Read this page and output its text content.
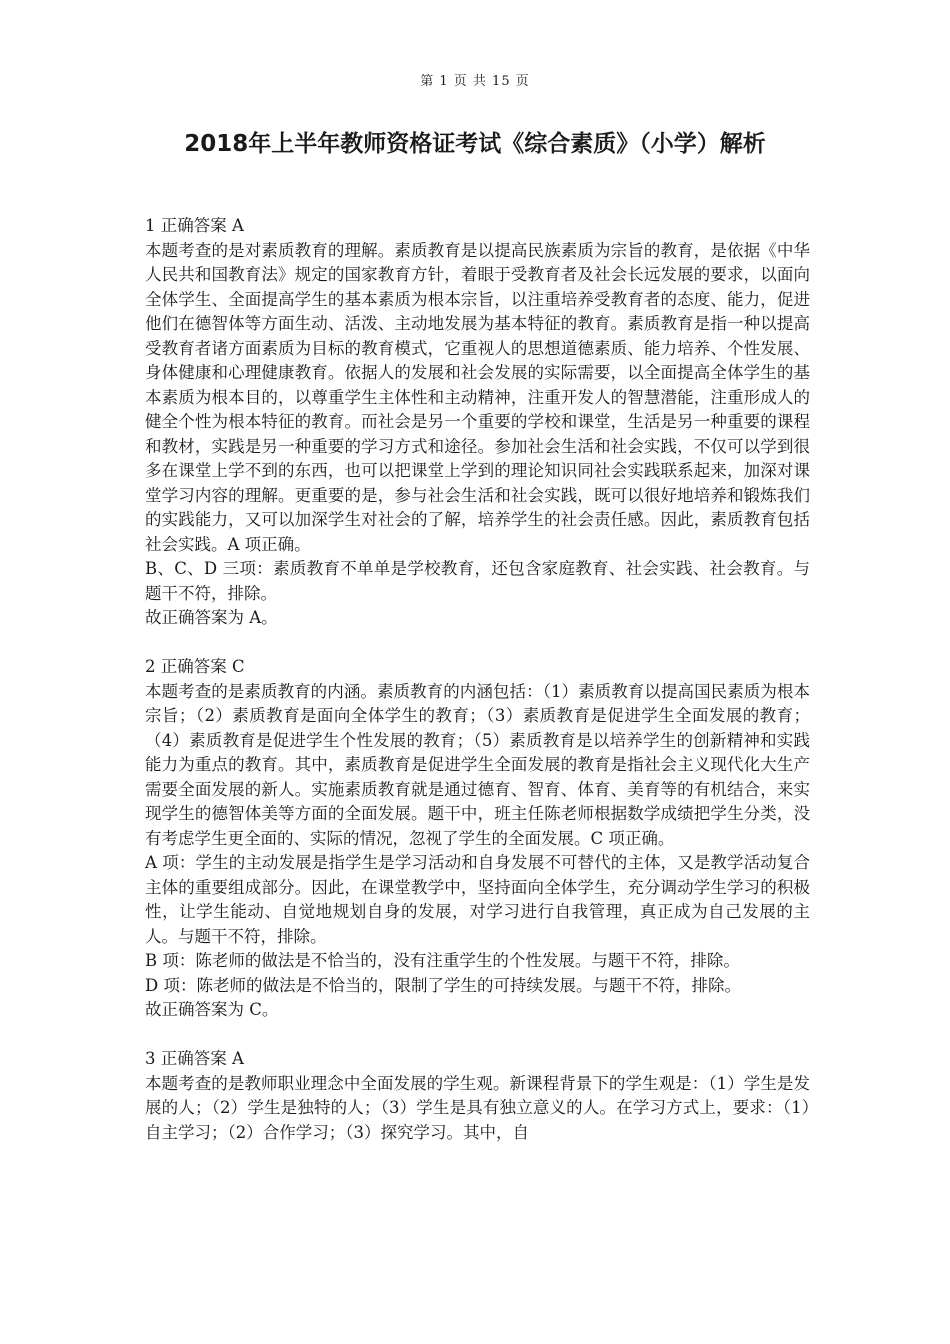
第 1 页 共 15 页
2018年上半年教师资格证考试《综合素质》（小学）解析

1 正确答案 A

本题考查的是对素质教育的理解。素质教育是以提高民族素质为宗旨的教育，是依据《中华人民共和国教育法》规定的国家教育方针，着眼于受教育者及社会长远发展的要求，以面向全体学生、全面提高学生的基本素质为根本宗旨，以注重培养受教育者的态度、能力，促进他们在德智体等方面生动、活泼、主动地发展为基本特征的教育。素质教育是指一种以提高受教育者诸方面素质为目标的教育模式，它重视人的思想道德素质、能力培养、个性发展、身体健康和心理健康教育。依据人的发展和社会发展的实际需要，以全面提高全体学生的基本素质为根本目的，以尊重学生主体性和主动精神，注重开发人的智慧潜能，注重形成人的健全个性为根本特征的教育。而社会是另一个重要的学校和课堂，生活是另一种重要的课程和教材，实践是另一种重要的学习方式和途径。参加社会生活和社会实践，不仅可以学到很多在课堂上学不到的东西，也可以把课堂上学到的理论知识同社会实践联系起来，加深对课堂学习内容的理解。更重要的是，参与社会生活和社会实践，既可以很好地培养和锻炼我们的实践能力，又可以加深学生对社会的了解，培养学生的社会责任感。因此，素质教育包括社会实践。A 项正确。

B、C、D 三项：素质教育不单单是学校教育，还包含家庭教育、社会实践、社会教育。与题干不符，排除。

故正确答案为 A。

2 正确答案 C

本题考查的是素质教育的内涵。素质教育的内涵包括：（1）素质教育以提高国民素质为根本宗旨；（2）素质教育是面向全体学生的教育；（3）素质教育是促进学生全面发展的教育；（4）素质教育是促进学生个性发展的教育；（5）素质教育是以培养学生的创新精神和实践能力为重点的教育。其中，素质教育是促进学生全面发展的教育是指社会主义现代化大生产需要全面发展的新人。实施素质教育就是通过德育、智育、体育、美育等的有机结合，来实现学生的德智体美等方面的全面发展。题干中，班主任陈老师根据数学成绩把学生分类，没有考虑学生更全面的、实际的情况，忽视了学生的全面发展。C 项正确。

A 项：学生的主动发展是指学生是学习活动和自身发展不可替代的主体，又是教学活动复合主体的重要组成部分。因此，在课堂教学中，坚持面向全体学生，充分调动学生学习的积极性，让学生能动、自觉地规划自身的发展，对学习进行自我管理，真正成为自己发展的主人。与题干不符，排除。

B 项：陈老师的做法是不恰当的，没有注重学生的个性发展。与题干不符，排除。

D 项：陈老师的做法是不恰当的，限制了学生的可持续发展。与题干不符，排除。

故正确答案为 C。

3 正确答案 A

本题考查的是教师职业理念中全面发展的学生观。新课程背景下的学生观是：（1）学生是发展的人；（2）学生是独特的人；（3）学生是具有独立意义的人。在学习方式上，要求：（1）自主学习；（2）合作学习；（3）探究学习。其中，自
